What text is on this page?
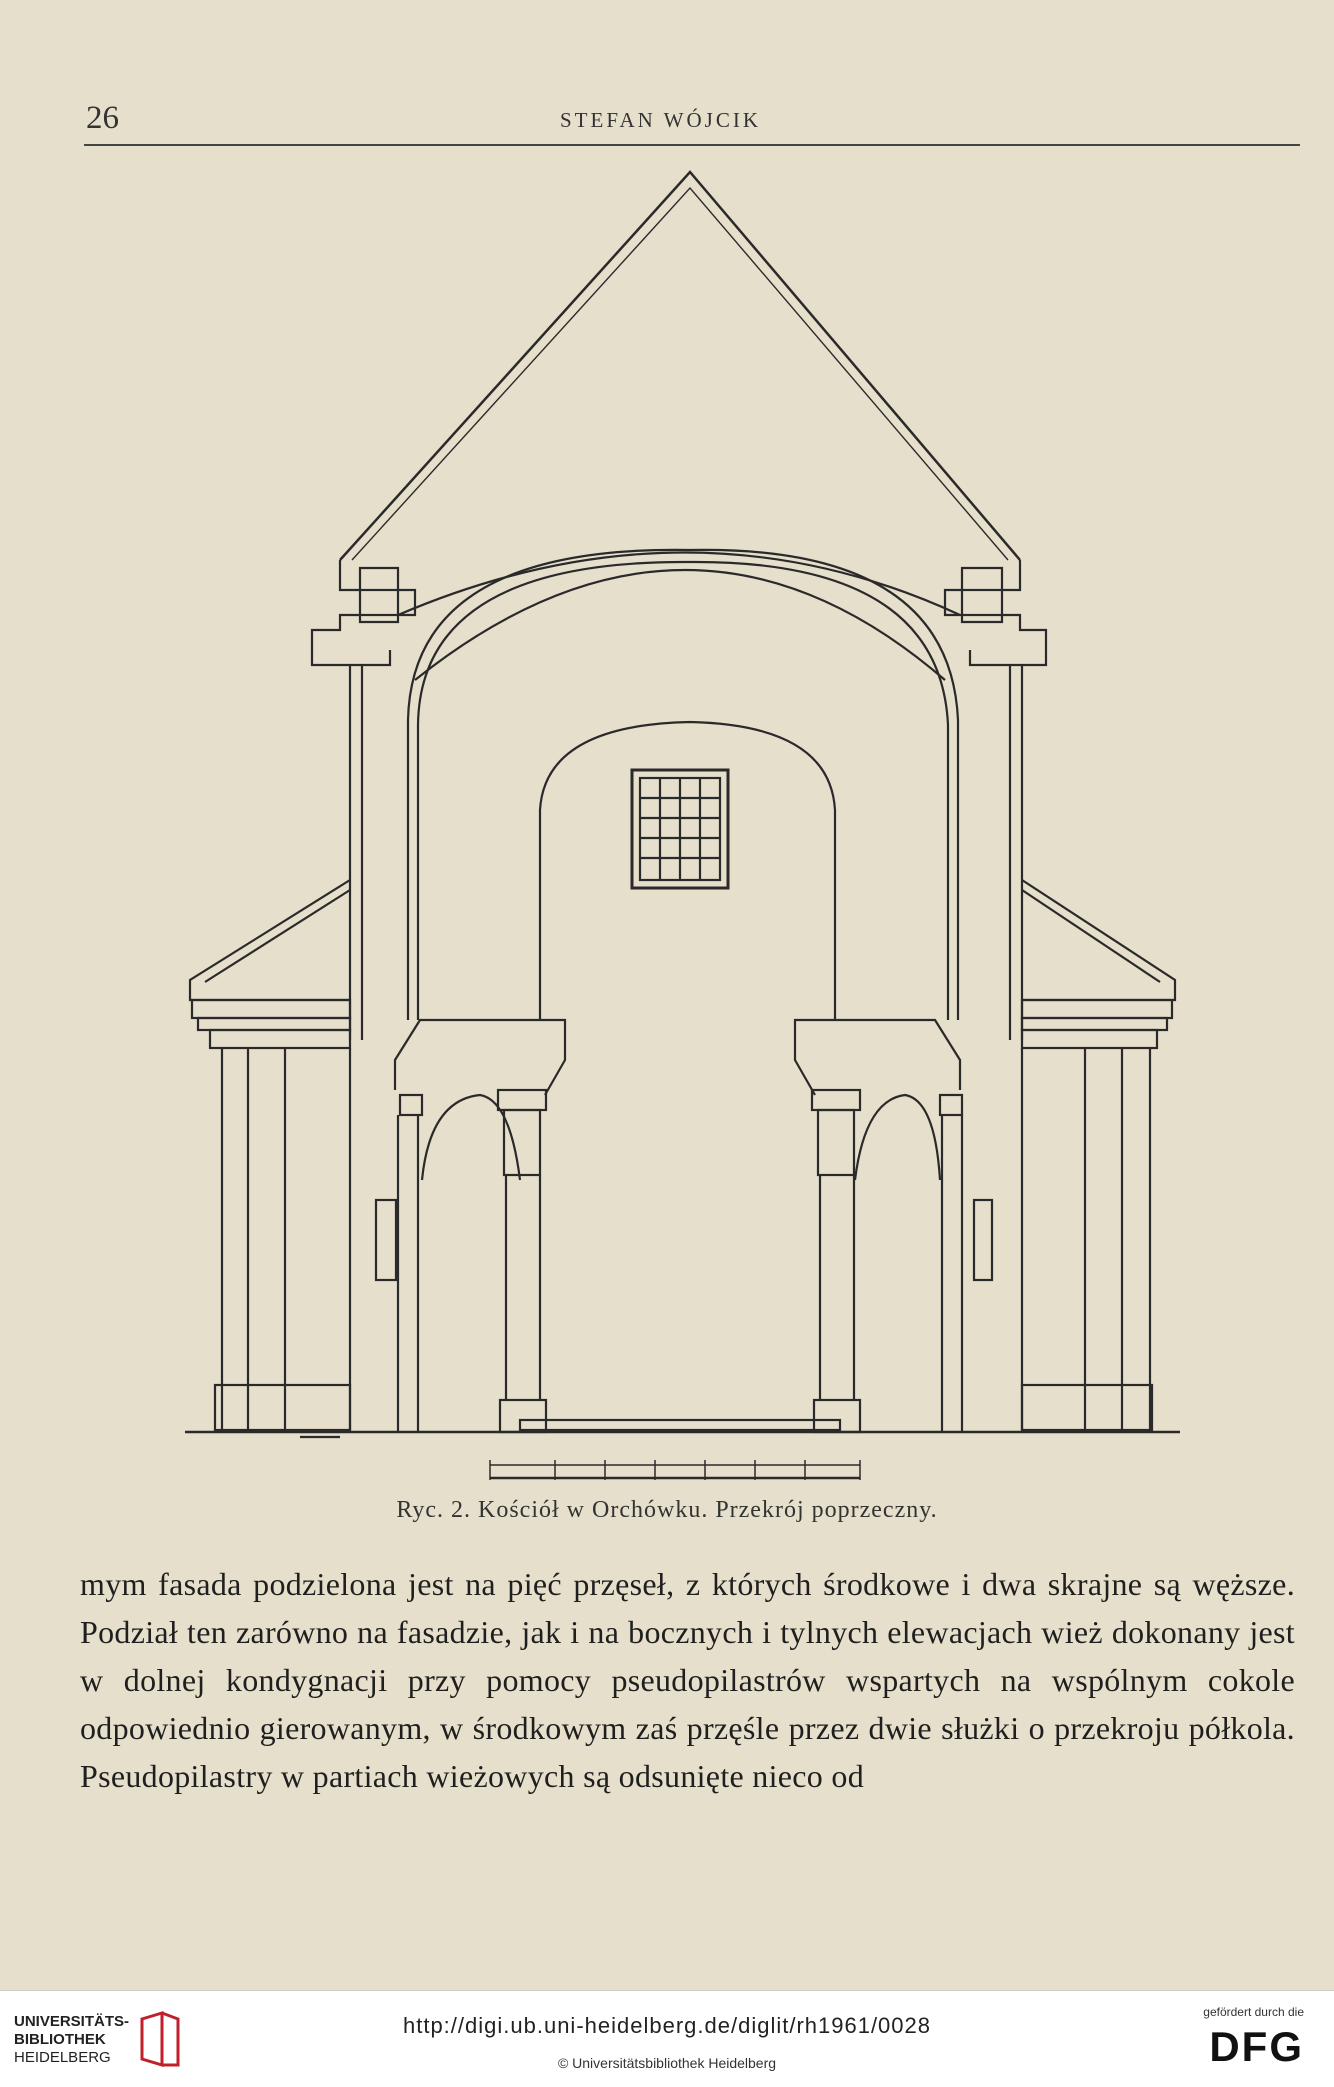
26	STEFAN WÓJCIK
Ryc. 2. Kościół w Orchówku. Przekrój poprzeczny.
mym fasada podzielona jest na pięć przęseł, z których środkowe i dwa skrajne są węższe. Podział ten zarówno na fasadzie, jak i na bocznych i tylnych elewacjach wież dokonany jest w dolnej kondygnacji przy pomocy pseudopilastrów wspartych na wspólnym cokole odpowiednio gierowanym, w środkowym zaś przęśle przez dwie służki o przekroju półkola. Pseudopilastry w partiach wieżowych są odsunięte nieco od
UNIVERSITÄTS-
BIBLIOTHEK
HEIDELBERG
http://digi.ub.uni-heidelberg.de/diglit/rh1961/0028
© Universitätsbibliothek Heidelberg
gefördert durch die
DFG
